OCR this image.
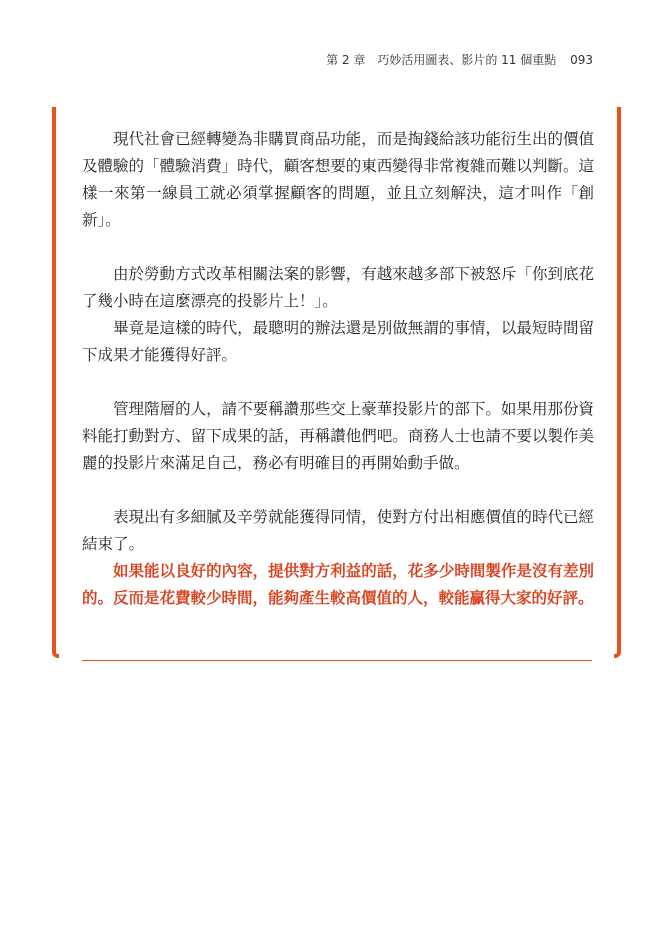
第 2 章　巧妙活用圖表、影片的 11 個重點 093

現代社會已經轉變為非購買商品功能，而是掏錢給該功能衍生出的價值及體驗的「體驗消費」時代，顧客想要的東西變得非常複雜而難以判斷。這樣一來第一線員工就必須掌握顧客的問題，並且立刻解決，這才叫作「創新」。

由於勞動方式改革相關法案的影響，有越來越多部下被怒斥「你到底花了幾小時在這麼漂亮的投影片上！」。

畢竟是這樣的時代，最聰明的辦法還是別做無謂的事情，以最短時間留下成果才能獲得好評。

管理階層的人，請不要稱讚那些交上豪華投影片的部下。如果用那份資料能打動對方、留下成果的話，再稱讚他們吧。商務人士也請不要以製作美麗的投影片來滿足自己，務必有明確目的再開始動手做。

表現出有多細膩及辛勞就能獲得同情，使對方付出相應價值的時代已經結束了。

如果能以良好的內容，提供對方利益的話，花多少時間製作是沒有差別的。反而是花費較少時間，能夠產生較高價值的人，較能贏得大家的好評。
